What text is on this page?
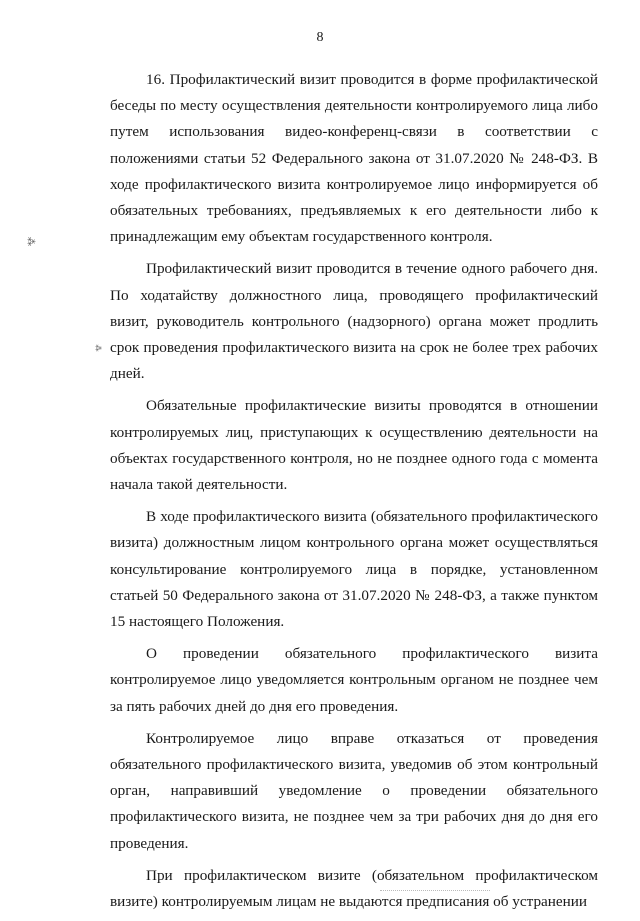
8
⁂
⁂

16. Профилактический визит проводится в форме профилактической беседы по месту осуществления деятельности контролируемого лица либо путем использования видео-конференц-связи в соответствии с положениями статьи 52 Федерального закона от 31.07.2020 № 248-ФЗ. В ходе профилактического визита контролируемое лицо информируется об обязательных требованиях, предъявляемых к его деятельности либо к принадлежащим ему объектам государственного контроля.

Профилактический визит проводится в течение одного рабочего дня. По ходатайству должностного лица, проводящего профилактический визит, руководитель контрольного (надзорного) органа может продлить срок проведения профилактического визита на срок не более трех рабочих дней.

Обязательные профилактические визиты проводятся в отношении контролируемых лиц, приступающих к осуществлению деятельности на объектах государственного контроля, но не позднее одного года с момента начала такой деятельности.

В ходе профилактического визита (обязательного профилактического визита) должностным лицом контрольного органа может осуществляться консультирование контролируемого лица в порядке, установленном статьей 50 Федерального закона от 31.07.2020 № 248-ФЗ, а также пунктом 15 настоящего Положения.

О проведении обязательного профилактического визита контролируемое лицо уведомляется контрольным органом не позднее чем за пять рабочих дней до дня его проведения.

Контролируемое лицо вправе отказаться от проведения обязательного профилактического визита, уведомив об этом контрольный орган, направивший уведомление о проведении обязательного профилактического визита, не позднее чем за три рабочих дня до дня его проведения.

При профилактическом визите (обязательном профилактическом визите) контролируемым лицам не выдаются предписания об устранении
